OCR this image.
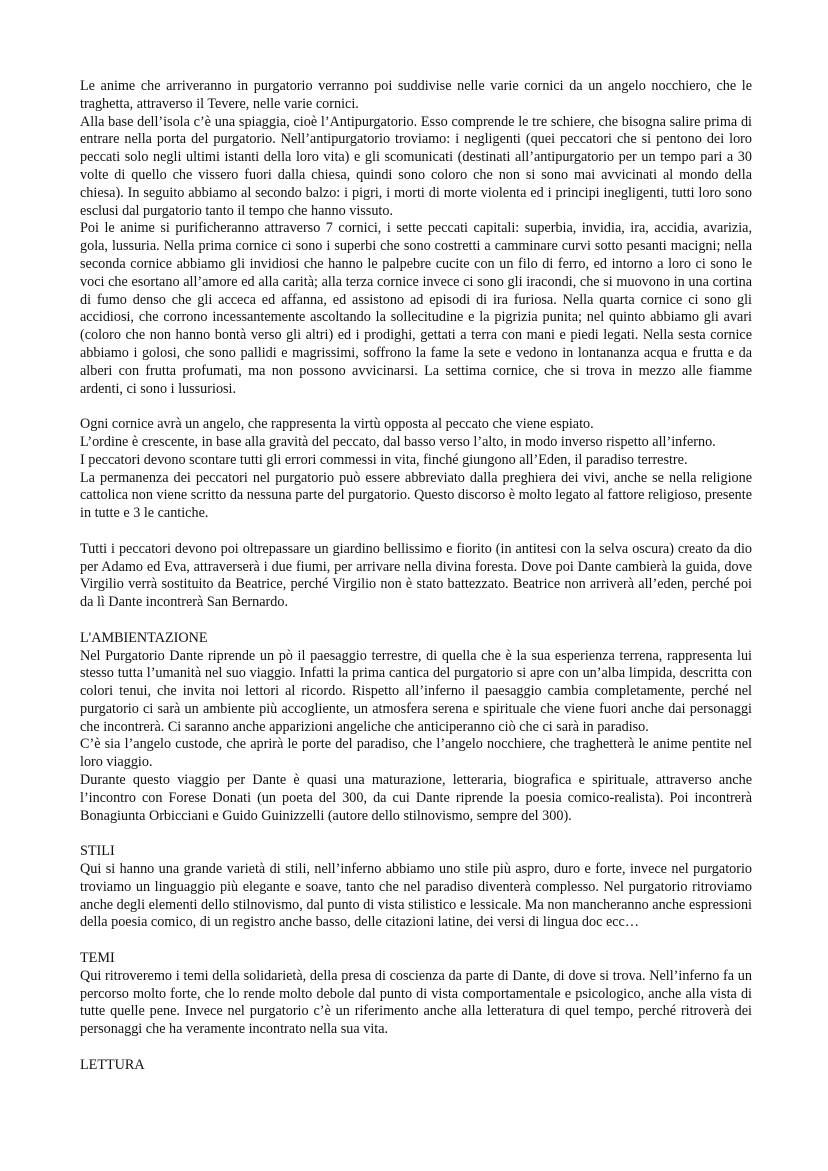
Le anime che arriveranno in purgatorio verranno poi suddivise nelle varie cornici da un angelo nocchiero, che le traghetta, attraverso il Tevere, nelle varie cornici.

Alla base dell’isola c’è una spiaggia, cioè l’Antipurgatorio. Esso comprende le tre schiere, che bisogna salire prima di entrare nella porta del purgatorio. Nell’antipurgatorio troviamo: i negligenti (quei peccatori che si pentono dei loro peccati solo negli ultimi istanti della loro vita) e gli scomunicati (destinati all’antipurgatorio per un tempo pari a 30 volte di quello che vissero fuori dalla chiesa, quindi sono coloro che non si sono mai avvicinati al mondo della chiesa). In seguito abbiamo al secondo balzo: i pigri, i morti di morte violenta ed i principi inegligenti, tutti loro sono esclusi dal purgatorio tanto il tempo che hanno vissuto.

Poi le anime si purificheranno attraverso 7 cornici, i sette peccati capitali: superbia, invidia, ira, accidia, avarizia, gola, lussuria. Nella prima cornice ci sono i superbi che sono costretti a camminare curvi sotto pesanti macigni; nella seconda cornice abbiamo gli invidiosi che hanno le palpebre cucite con un filo di ferro, ed intorno a loro ci sono le voci che esortano all’amore ed alla carità; alla terza cornice invece ci sono gli iracondi, che si muovono in una cortina di fumo denso che gli acceca ed affanna, ed assistono ad episodi di ira furiosa. Nella quarta cornice ci sono gli accidiosi, che corrono incessantemente ascoltando la sollecitudine e la pigrizia punita; nel quinto abbiamo gli avari (coloro che non hanno bontà verso gli altri) ed i prodighi, gettati a terra con mani e piedi legati. Nella sesta cornice abbiamo i golosi, che sono pallidi e magrissimi, soffrono la fame la sete e vedono in lontananza acqua e frutta e da alberi con frutta profumati, ma non possono avvicinarsi. La settima cornice, che si trova in mezzo alle fiamme ardenti, ci sono i lussuriosi.

Ogni cornice avrà un angelo, che rappresenta la virtù opposta al peccato che viene espiato.

L’ordine è crescente, in base alla gravità del peccato, dal basso verso l’alto, in modo inverso rispetto all’inferno.

I peccatori devono scontare tutti gli errori commessi in vita, finché giungono all’Eden, il paradiso terrestre.

La permanenza dei peccatori nel purgatorio può essere abbreviato dalla preghiera dei vivi, anche se nella religione cattolica non viene scritto da nessuna parte del purgatorio. Questo discorso è molto legato al fattore religioso, presente in tutte e 3 le cantiche.

Tutti i peccatori devono poi oltrepassare un giardino bellissimo e fiorito (in antitesi con la selva oscura) creato da dio per Adamo ed Eva, attraverserà i due fiumi, per arrivare nella divina foresta. Dove poi Dante cambierà la guida, dove Virgilio verrà sostituito da Beatrice, perché Virgilio non è stato battezzato. Beatrice non arriverà all’eden, perché poi da lì Dante incontrerà San Bernardo.

L'AMBIENTAZIONE

Nel Purgatorio Dante riprende un pò il paesaggio terrestre, di quella che è la sua esperienza terrena, rappresenta lui stesso tutta l’umanità nel suo viaggio. Infatti la prima cantica del purgatorio si apre con un’alba limpida, descritta con colori tenui, che invita noi lettori al ricordo. Rispetto all’inferno il paesaggio cambia completamente, perché nel purgatorio ci sarà un ambiente più accogliente, un atmosfera serena e spirituale che viene fuori anche dai personaggi che incontrerà. Ci saranno anche apparizioni angeliche che anticiperanno ciò che ci sarà in paradiso.

C’è sia l’angelo custode, che aprirà le porte del paradiso, che l’angelo nocchiere, che traghetterà le anime pentite nel loro viaggio.

Durante questo viaggio per Dante è quasi una maturazione, letteraria, biografica e spirituale, attraverso anche l’incontro con Forese Donati (un poeta del 300, da cui Dante riprende la poesia comico-realista). Poi incontrerà Bonagiunta Orbicciani e Guido Guinizzelli (autore dello stilnovismo, sempre del 300).

STILI

Qui si hanno una grande varietà di stili, nell’inferno abbiamo uno stile più aspro, duro e forte, invece nel purgatorio troviamo un linguaggio più elegante e soave, tanto che nel paradiso diventerà complesso. Nel purgatorio ritroviamo anche degli elementi dello stilnovismo, dal punto di vista stilistico e lessicale. Ma non mancheranno anche espressioni della poesia comico, di un registro anche basso, delle citazioni latine, dei versi di lingua doc ecc…

TEMI

Qui ritroveremo i temi della solidarietà, della presa di coscienza da parte di Dante, di dove si trova. Nell’inferno fa un percorso molto forte, che lo rende molto debole dal punto di vista comportamentale e psicologico, anche alla vista di tutte quelle pene. Invece nel purgatorio c’è un riferimento anche alla letteratura di quel tempo, perché ritroverà dei personaggi che ha veramente incontrato nella sua vita.

LETTURA
